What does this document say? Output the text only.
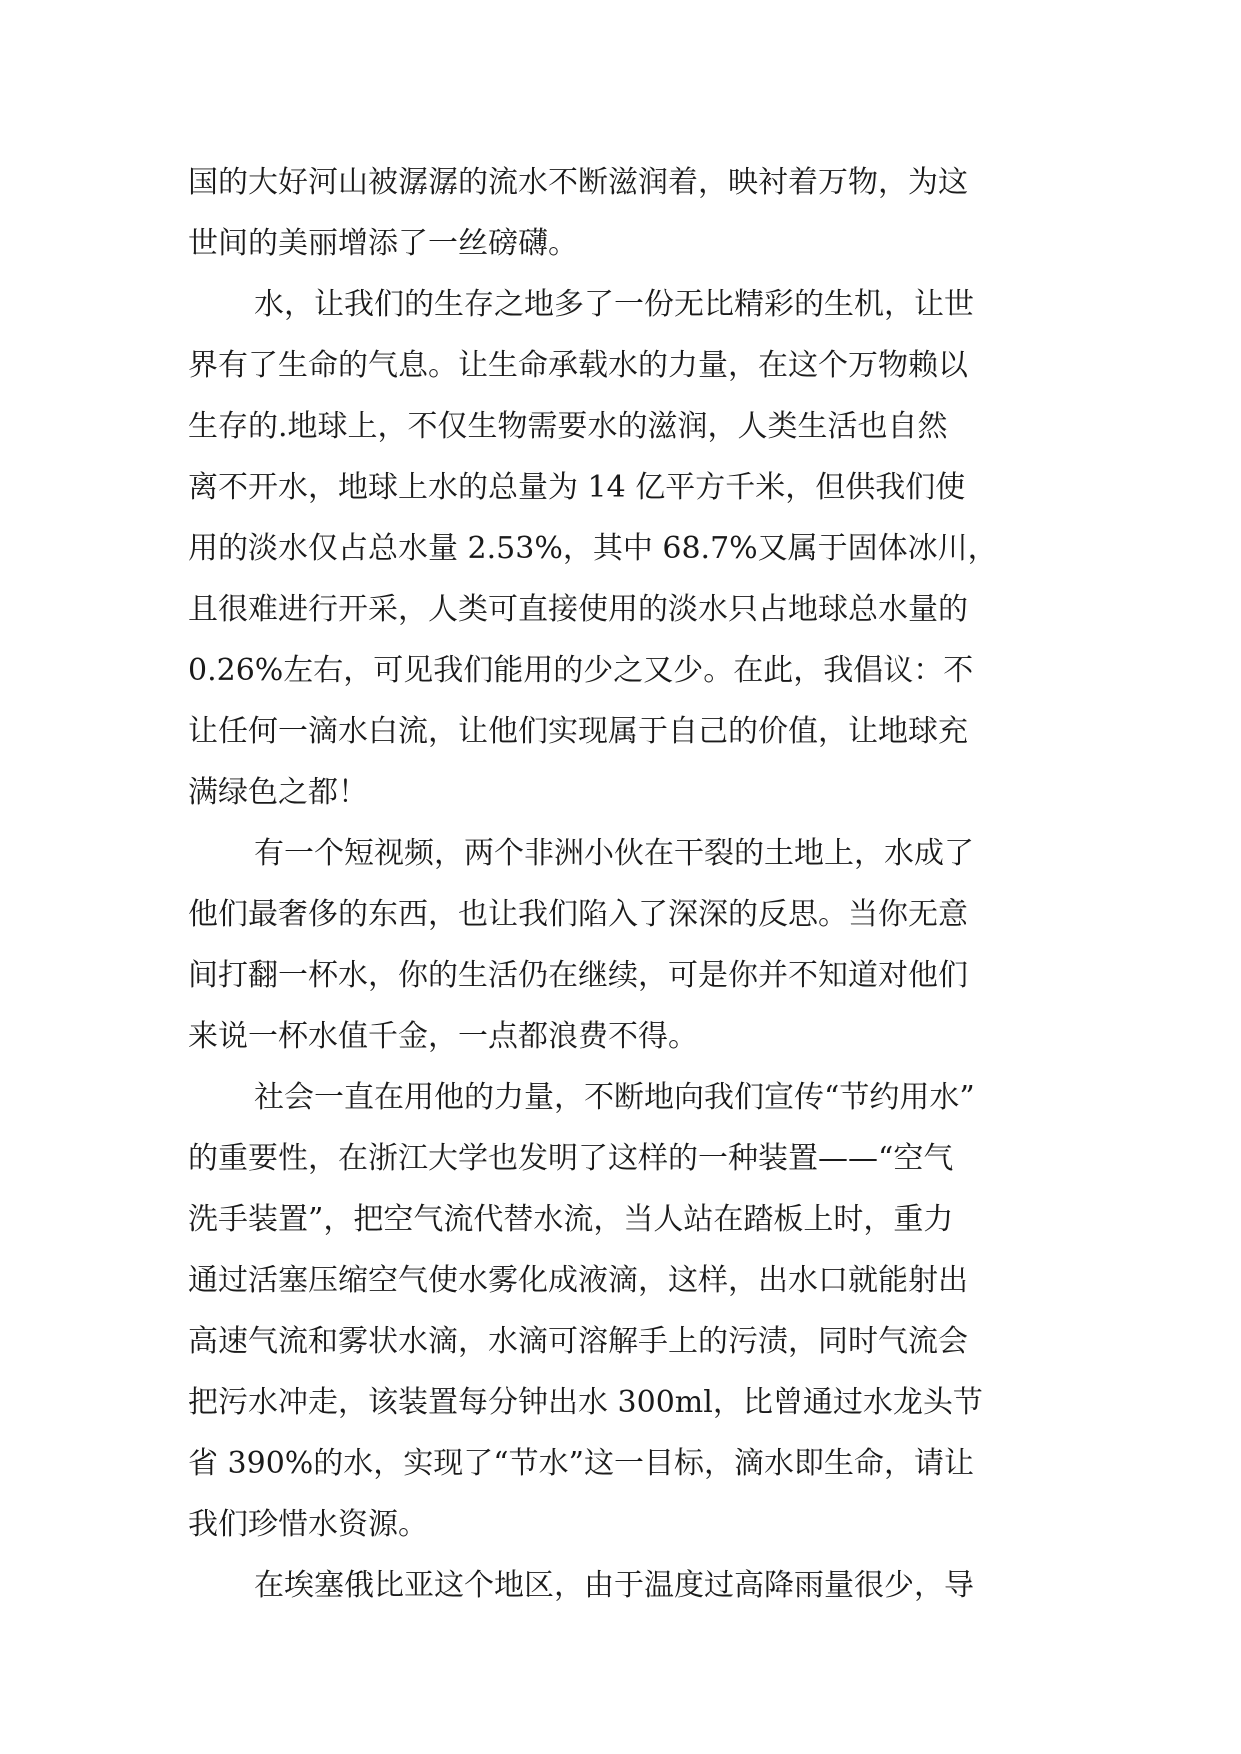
国的大好河山被潺潺的流水不断滋润着，映衬着万物，为这
世间的美丽增添了一丝磅礴。
水，让我们的生存之地多了一份无比精彩的生机，让世
界有了生命的气息。让生命承载水的力量，在这个万物赖以
生存的.地球上，不仅生物需要水的滋润，人类生活也自然
离不开水，地球上水的总量为 14 亿平方千米，但供我们使
用的淡水仅占总水量 2.53%，其中 68.7%又属于固体冰川，
且很难进行开采，人类可直接使用的淡水只占地球总水量的
0.26%左右，可见我们能用的少之又少。在此，我倡议：不
让任何一滴水白流，让他们实现属于自己的价值，让地球充
满绿色之都！
有一个短视频，两个非洲小伙在干裂的土地上，水成了
他们最奢侈的东西，也让我们陷入了深深的反思。当你无意
间打翻一杯水，你的生活仍在继续，可是你并不知道对他们
来说一杯水值千金，一点都浪费不得。
社会一直在用他的力量，不断地向我们宣传“节约用水”
的重要性，在浙江大学也发明了这样的一种装置——“空气
洗手装置”，把空气流代替水流，当人站在踏板上时，重力
通过活塞压缩空气使水雾化成液滴，这样，出水口就能射出
高速气流和雾状水滴，水滴可溶解手上的污渍，同时气流会
把污水冲走，该装置每分钟出水 300ml，比曾通过水龙头节
省 390%的水，实现了“节水”这一目标，滴水即生命，请让
我们珍惜水资源。
在埃塞俄比亚这个地区，由于温度过高降雨量很少，导
